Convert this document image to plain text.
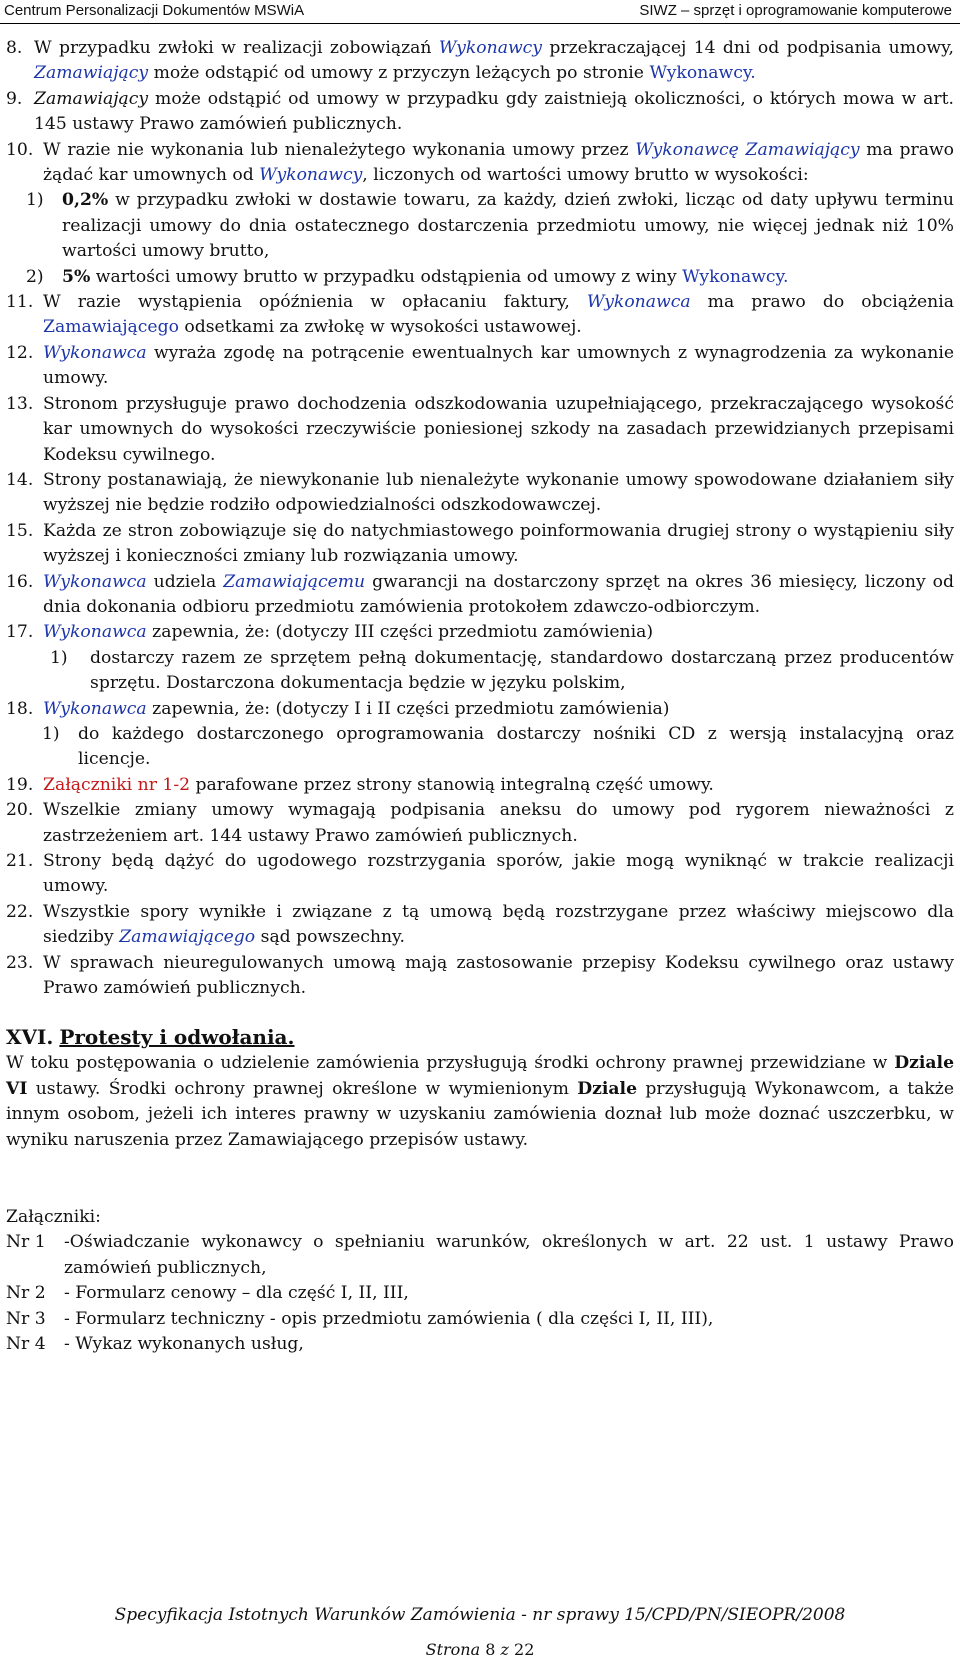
Centrum Personalizacji Dokumentów MSWiA	SIWZ – sprzęt i oprogramowanie komputerowe
8. W przypadku zwłoki w realizacji zobowiązań Wykonawcy przekraczającej 14 dni od podpisania umowy, Zamawiający może odstąpić od umowy z przyczyn leżących po stronie Wykonawcy.
9. Zamawiający może odstąpić od umowy w przypadku gdy zaistnieją okoliczności, o których mowa w art. 145 ustawy Prawo zamówień publicznych.
10. W razie nie wykonania lub nienależytego wykonania umowy przez Wykonawcę Zamawiający ma prawo żądać kar umownych od Wykonawcy, liczonych od wartości umowy brutto w wysokości:
1)	0,2% w przypadku zwłoki w dostawie towaru, za każdy, dzień zwłoki, licząc od daty upływu terminu realizacji umowy do dnia ostatecznego dostarczenia przedmiotu umowy, nie więcej jednak niż 10% wartości umowy brutto,
2)	5% wartości umowy brutto w przypadku odstąpienia od umowy z winy Wykonawcy.
11. W razie wystąpienia opóźnienia w opłacaniu faktury, Wykonawca ma prawo do obciążenia Zamawiającego odsetkami za zwłokę w wysokości ustawowej.
12. Wykonawca wyraża zgodę na potrącenie ewentualnych kar umownych z wynagrodzenia za wykonanie umowy.
13. Stronom przysługuje prawo dochodzenia odszkodowania uzupełniającego, przekraczającego wysokość kar umownych do wysokości rzeczywiście poniesionej szkody na zasadach przewidzianych przepisami Kodeksu cywilnego.
14. Strony postanawiają, że niewykonanie lub nienależyte wykonanie umowy spowodowane działaniem siły wyższej nie będzie rodziło odpowiedzialności odszkodowawczej.
15. Każda ze stron zobowiązuje się do natychmiastowego poinformowania drugiej strony o wystąpieniu siły wyższej i konieczności zmiany lub rozwiązania umowy.
16. Wykonawca udziela Zamawiającemu gwarancji na dostarczony sprzęt na okres 36 miesięcy, liczony od dnia dokonania odbioru przedmiotu zamówienia protokołem zdawczo-odbiorczym.
17. Wykonawca zapewnia, że: (dotyczy III części przedmiotu zamówienia)
1)	dostarczy razem ze sprzętem pełną dokumentację, standardowo dostarczaną przez producentów sprzętu. Dostarczona dokumentacja będzie w języku polskim,
18. Wykonawca zapewnia, że: (dotyczy I i II części przedmiotu zamówienia)
1)	do każdego dostarczonego oprogramowania dostarczy nośniki CD z wersją instalacyjną oraz licencje.
19. Załączniki nr 1-2 parafowane przez strony stanowią integralną część umowy.
20. Wszelkie zmiany umowy wymagają podpisania aneksu do umowy pod rygorem nieważności z zastrzeżeniem art. 144 ustawy Prawo zamówień publicznych.
21. Strony będą dążyć do ugodowego rozstrzygania sporów, jakie mogą wyniknąć w trakcie realizacji umowy.
22. Wszystkie spory wynikłe i związane z tą umową będą rozstrzygane przez właściwy miejscowo dla siedziby Zamawiającego sąd powszechny.
23. W sprawach nieuregulowanych umową mają zastosowanie przepisy Kodeksu cywilnego oraz ustawy Prawo zamówień publicznych.
XVI. Protesty i odwołania.
W toku postępowania o udzielenie zamówienia przysługują środki ochrony prawnej przewidziane w Dziale VI ustawy. Środki ochrony prawnej określone w wymienionym Dziale przysługują Wykonawcom, a także innym osobom, jeżeli ich interes prawny w uzyskaniu zamówienia doznał lub może doznać uszczerbku, w wyniku naruszenia przez Zamawiającego przepisów ustawy.
Załączniki:
Nr 1	-Oświadczanie wykonawcy o spełnianiu warunków, określonych w art. 22 ust. 1 ustawy Prawo zamówień publicznych,
Nr 2	- Formularz cenowy – dla część I, II, III,
Nr 3	- Formularz techniczny - opis przedmiotu zamówienia ( dla części I, II, III),
Nr 4	- Wykaz wykonanych usług,
Specyfikacja Istotnych Warunków Zamówienia - nr sprawy 15/CPD/PN/SIEOPR/2008
Strona 8 z 22
